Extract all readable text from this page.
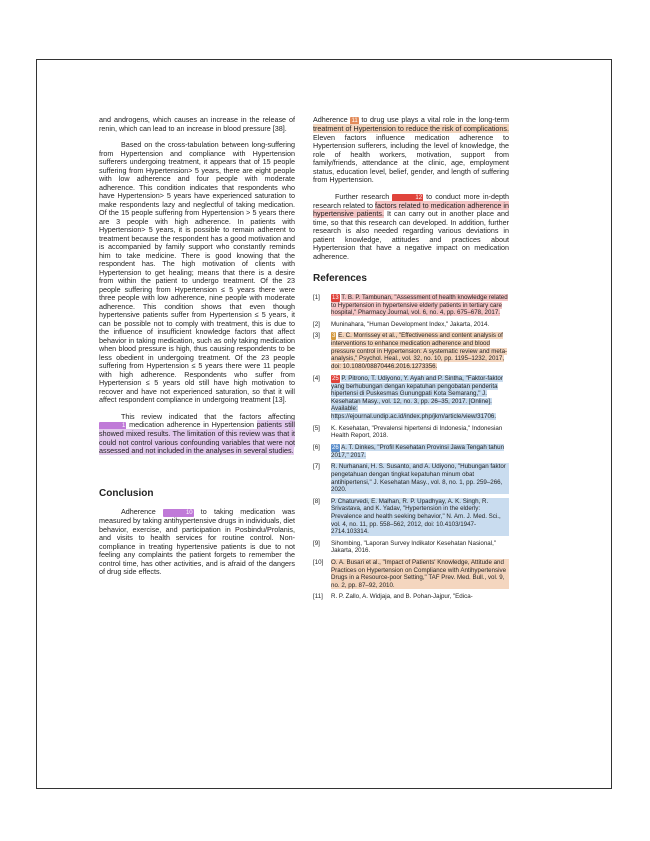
and androgens, which causes an increase in the release of renin, which can lead to an increase in blood pressure [38].

Based on the cross-tabulation between long-suffering from Hypertension and compliance with Hypertension sufferers undergoing treatment, it appears that of 15 people suffering from Hypertension> 5 years, there are eight people with low adherence and four people with moderate adherence. This condition indicates that respondents who have Hypertension> 5 years have experienced saturation to make respondents lazy and neglectful of taking medication. Of the 15 people suffering from Hypertension > 5 years there are 3 people with high adherence. In patients with Hypertension> 5 years, it is possible to remain adherent to treatment because the respondent has a good motivation and is accompanied by family support who constantly reminds him to take medicine. There is good knowing that the respondent has. The high motivation of clients with Hypertension to get healing; means that there is a desire from within the patient to undergo treatment. Of the 23 people suffering from Hypertension ≤ 5 years there were three people with low adherence, nine people with moderate adherence. This condition shows that even though hypertensive patients suffer from Hypertension ≤ 5 years, it can be possible not to comply with treatment, this is due to the influence of insufficient knowledge factors that affect behavior in taking medication, such as only taking medication when blood pressure is high, thus causing respondents to be less obedient in undergoing treatment. Of the 23 people suffering from Hypertension ≤ 5 years there were 11 people with high adherence. Respondents who suffer from Hypertension ≤ 5 years old still have high motivation to recover and have not experienced saturation, so that it will affect respondent compliance in undergoing treatment [13].

This review indicated that the factors affecting 1 medication adherence in Hypertension patients still showed mixed results. The limitation of this review was that it could not control various confounding variables that were not assessed and not included in the analyses in several studies.

Conclusion

Adherence	10 to taking medication was measured by taking antihypertensive drugs in individuals, diet behavior, exercise, and participation in Posbindu/Prolanis, and visits to health services for routine control. Non-compliance in treating hypertensive patients is due to not feeling any complaints the patient forgets to remember the control time, has other activities, and is afraid of the dangers of drug side effects.

Adherence 11 to drug use plays a vital role in the long-term treatment of Hypertension to reduce the risk of complications. Eleven factors influence medication adherence to Hypertension sufferers, including the level of knowledge, the role of health workers, motivation, support from family/friends, attendance at the clinic, age, employment status, education level, belief, gender, and length of suffering from Hypertension.

Further research	12 to conduct more in-depth research related to factors related to medication adherence in hypertensive patients. It can carry out in another place and time, so that this research can developed. In addition, further research is also needed regarding various deviations in patient knowledge, attitudes and practices about Hypertension that have a negative impact on medication adherence.

References
[1]	13 T. B. P. Tambunan, "Assessment of health knowledge related to Hypertension in hypertensive elderly patients in tertiary care hospital," Pharmacy Journal, vol. 6, no. 4, pp. 675–678, 2017.
[2]	Muninahara, "Human Development Index," Jakarta, 2014.
[3]	3 E. C. Morrissey et al., "Effectiveness and content analysis of interventions to enhance medication adherence and blood pressure control in Hypertension: A systematic review and meta-analysis," Psychol. Heal., vol. 32, no. 10, pp. 1195–1232, 2017, doi: 10.1080/08870446.2016.1273356.
[4]	25 P. Pitrono, T. Udiyono, Y. Ayah and P. Sintha, "Faktor-faktor yang berhubungan dengan kepatuhan pengobatan penderita hipertensi di Puskesmas Gunungpati Kota Semarang," J. Kesehatan Masy., vol. 12, no. 3, pp. 26–35, 2017. [Online]. Available: https://ejournal.undip.ac.id/index.php/jkm/article/view/31706.
[5]	K. Kesehatan, "Prevalensi hipertensi di Indonesia," Indonesian Health Report, 2018.
[6]	26 A. T. Dinkes, "Profil Kesehatan Provinsi Jawa Tengah tahun 2017," 2017.
[7]	R. Nurhanani, H. S. Susanto, and A. Udiyono, "Hubungan faktor pengetahuan dengan tingkat kepatuhan minum obat antihipertensi," J. Kesehatan Masy., vol. 8, no. 1, pp. 259–266, 2020.
[8]	P. Chaturvedi, E. Malhan, R. P. Upadhyay, A. K. Singh, R. Srivastava, and K. Yadav, "Hypertension in the elderly: Prevalence and health seeking behavior," N. Am. J. Med. Sci., vol. 4, no. 11, pp. 558–562, 2012, doi: 10.4103/1947-2714.103314.
[9]	Sihombing, "Laporan Survey Indikator Kesehatan Nasional," Jakarta, 2016.
[10]	O. A. Busari et al., "Impact of Patients' Knowledge, Attitude and Practices on Hypertension on Compliance with Antihypertensive Drugs in a Resource-poor Setting," TAF Prev. Med. Bull., vol. 9, no. 2, pp. 87–92, 2010.
[11]	R. P. Zallo, A. Widjaja, and B. Pohan-Jajpur, "Edica-
